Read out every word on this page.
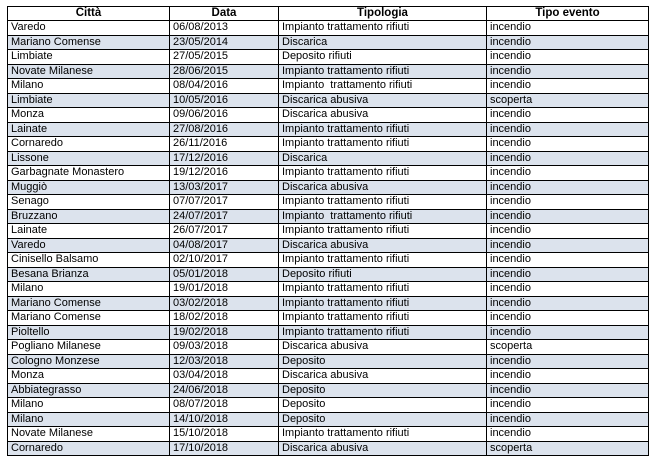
Città	Data	Tipologia	Tipo evento
Varedo	06/08/2013	Impianto trattamento rifiuti	incendio
Mariano Comense	23/05/2014	Discarica	incendio
Limbiate	27/05/2015	Deposito rifiuti	incendio
Novate Milanese	28/06/2015	Impianto trattamento rifiuti	incendio
Milano	08/04/2016	Impianto  trattamento rifiuti	incendio
Limbiate	10/05/2016	Discarica abusiva	scoperta
Monza	09/06/2016	Discarica abusiva	incendio
Lainate	27/08/2016	Impianto trattamento rifiuti	incendio
Cornaredo	26/11/2016	Impianto trattamento rifiuti	incendio
Lissone	17/12/2016	Discarica	incendio
Garbagnate Monastero	19/12/2016	Impianto trattamento rifiuti	incendio
Muggiò	13/03/2017	Discarica abusiva	incendio
Senago	07/07/2017	Impianto trattamento rifiuti	incendio
Bruzzano	24/07/2017	Impianto  trattamento rifiuti	incendio
Lainate	26/07/2017	Impianto trattamento rifiuti	incendio
Varedo	04/08/2017	Discarica abusiva	incendio
Cinisello Balsamo	02/10/2017	Impianto trattamento rifiuti	incendio
Besana Brianza	05/01/2018	Deposito rifiuti	incendio
Milano	19/01/2018	Impianto trattamento rifiuti	incendio
Mariano Comense	03/02/2018	Impianto trattamento rifiuti	incendio
Mariano Comense	18/02/2018	Impianto trattamento rifiuti	incendio
Pioltello	19/02/2018	Impianto trattamento rifiuti	incendio
Pogliano Milanese	09/03/2018	Discarica abusiva	scoperta
Cologno Monzese	12/03/2018	Deposito	incendio
Monza	03/04/2018	Discarica abusiva	incendio
Abbiategrasso	24/06/2018	Deposito	incendio
Milano	08/07/2018	Deposito	incendio
Milano	14/10/2018	Deposito	incendio
Novate Milanese	15/10/2018	Impianto trattamento rifiuti	incendio
Cornaredo	17/10/2018	Discarica abusiva	scoperta
